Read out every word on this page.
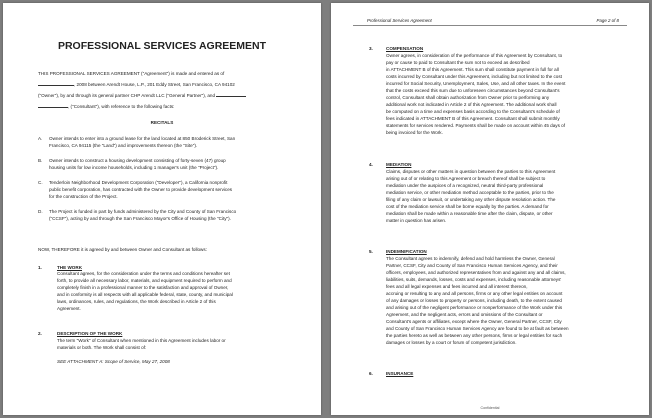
PROFESSIONAL SERVICES AGREEMENT
THIS PROFESSIONAL SERVICES AGREEMENT ("Agreement") is made and entered as of
, 2008 between Arendt House, L.P., 201 Eddy Street, San Francisco, CA 94102
("Owner"), by and through its general partner CHP Arendt LLC ("General Partner"), and
, ("Consultant"), with reference to the following facts:
RECITALS
A. Owner intends to enter into a ground lease for the land located at 850 Broderick Street, San
Francisco, CA 94115 (the "Land") and improvements thereon (the "Site").
B. Owner intends to construct a housing development consisting of forty-seven (47) group
housing units for low income households, including 1 manager's unit (the "Project").
C. Tenderloin Neighborhood Development Corporation ("Developer"), a California nonprofit
public benefit corporation, has contracted with the Owner to provide development services
for the construction of the Project.
D. The Project is funded in part by funds administered by the City and County of San Francisco
("CCSF"), acting by and through the San Francisco Mayor's Office of Housing (the "City").
NOW, THEREFORE it is agreed by and between Owner and Consultant as follows:
1.	THE WORK
Consultant agrees, for the consideration under the terms and conditions hereafter set
forth, to provide all necessary labor, materials, and equipment required to perform and
completely finish in a professional manner to the satisfaction and approval of Owner,
and in conformity is all respects with all applicable federal, state, county, and municipal
laws, ordinances, rules, and regulations, the Work described in Article 2 of this
Agreement.
2.	DESCRIPTION OF THE WORK
The term "Work" of Consultant when mentioned in this Agreement includes labor or
materials or both. The Work shall consist of:
SEE ATTACHMENT A: Scope of Service, May 27, 2008
Professional Services Agreement	Page 2 of 8
3.	COMPENSATION
Owner agrees, in consideration of the performance of this Agreement by Consultant, to
pay or cause to paid to Consultant the sum not to exceed as described
in ATTACHMENT B of this Agreement. This sum shall constitute payment in full for all
costs incurred by Consultant under this Agreement, including but not limited to the cost
incurred for Social Security, Unemployment, Sales, Use, and all other taxes. In the event
that the costs exceed this sum due to unforeseen circumstances beyond Consultant's
control, Consultant shall obtain authorization from Owner prior to performing any
additional work not indicated in Article 2 of this Agreement. The additional work shall
be computed on a time and expenses basis according to the Consultant's schedule of
fees indicated in ATTACHMENT B of this Agreement. Consultant shall submit monthly
statements for services rendered. Payments shall be made on account within 45 days of
being invoiced for the Work.
4.	MEDIATION
Claims, disputes or other matters in question between the parties to this Agreement
arising out of or relating to this Agreement or breach thereof shall be subject to
mediation under the auspices of a recognized, neutral third-party professional
mediation service, or other mediation method acceptable to the parties, prior to the
filing of any claim or lawsuit, or undertaking any other dispute resolution action. The
cost of the mediation service shall be borne equally by the parties. A demand for
mediation shall be made within a reasonable time after the claim, dispute, or other
matter in question has arisen.
5.	INDEMNIFICATION
The Consultant agrees to indemnify, defend and hold harmless the Owner, General
Partner, CCSF, City and County of San Francisco Human Services Agency, and their
officers, employees, and authorized representatives from and against any and all claims,
liabilities, suits, demands, losses, costs and expenses, including reasonable attorneys'
fees and all legal expenses and fees incurred and all interest thereon,
accruing or resulting to any and all persons, firms or any other legal entities on account
of any damages or losses to property or persons, including death, to the extent caused
and arising out of the negligent performance or nonperformance of the Work under this
Agreement, and the negligent acts, errors and omissions of the Consultant or
Consultant's agents or affiliates, except where the Owner, General Partner, CCSF, City
and County of San Francisco Human Services Agency are found to be at fault as between
the parties hereto as well as between any other persons, firms or legal entities for such
damages or losses by a court or forum of competent jurisdiction.
6.	INSURANCE
Confidential
